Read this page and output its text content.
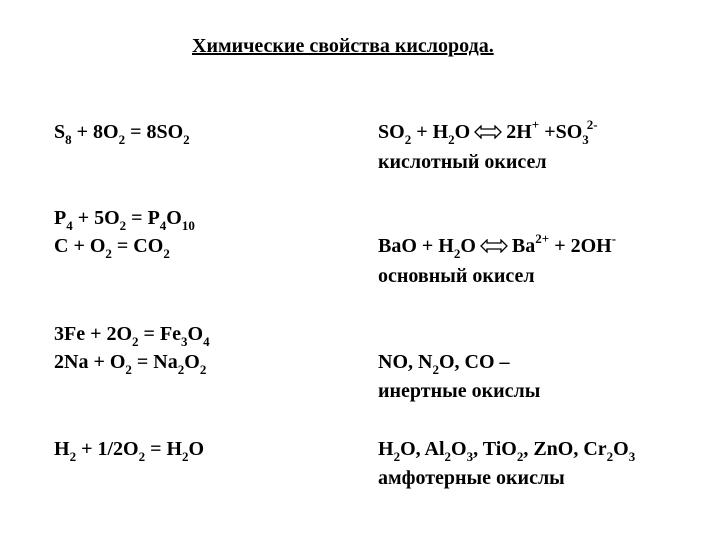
Химические свойства кислорода.
$S_8 + 8O_2 = 8SO_2$
$P_4 + 5O_2 = P_4O_{10}$
$C + O_2 = CO_2$
$3Fe + 2O_2 = Fe_3O_4$
$2Na + O_2 = Na_2O_2$
$H_2 + 1/2O_2 = H_2O$
$SO_2 + H_2O$ $2H^+ +SO_3^{2-}$
кислотный окисел
BaO + $H_2O$ $Ba^{2+} + 2OH^-$
основный окисел
NO, $N_2O$, CO –
инертные окислы
$H_2O$, $Al_2O_3$, TiO$_2$, ZnO, $Cr_2O_3$
амфотерные окислы
